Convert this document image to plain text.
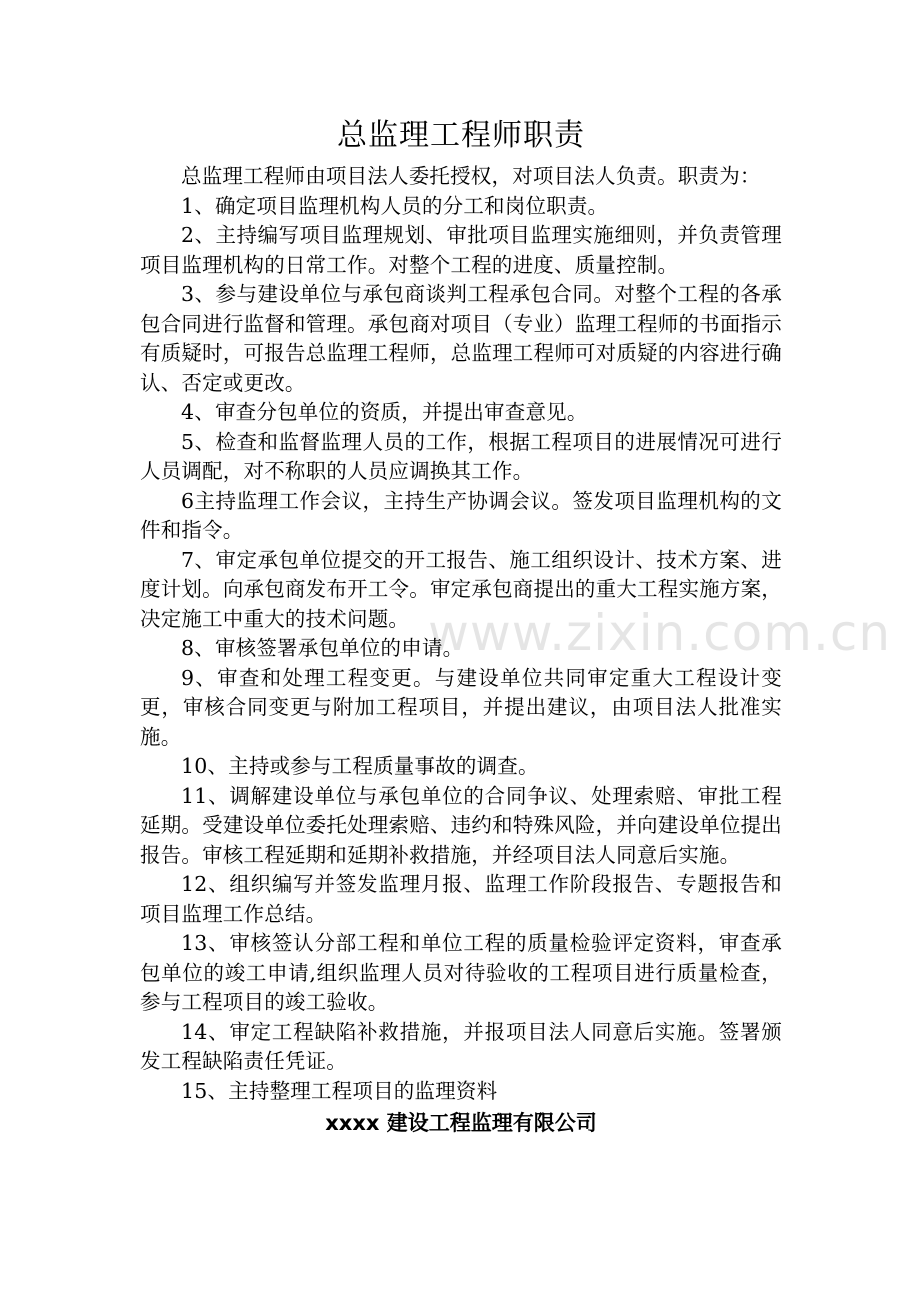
总监理工程师职责

总监理工程师由项目法人委托授权，对项目法人负责。职责为：

1、确定项目监理机构人员的分工和岗位职责。

2、主持编写项目监理规划、审批项目监理实施细则，并负责管理项目监理机构的日常工作。对整个工程的进度、质量控制。

3、参与建设单位与承包商谈判工程承包合同。对整个工程的各承包合同进行监督和管理。承包商对项目（专业）监理工程师的书面指示有质疑时，可报告总监理工程师，总监理工程师可对质疑的内容进行确认、否定或更改。

4、审查分包单位的资质，并提出审查意见。

5、检查和监督监理人员的工作，根据工程项目的进展情况可进行人员调配，对不称职的人员应调换其工作。

6主持监理工作会议，主持生产协调会议。签发项目监理机构的文件和指令。

7、审定承包单位提交的开工报告、施工组织设计、技术方案、进度计划。向承包商发布开工令。审定承包商提出的重大工程实施方案，决定施工中重大的技术问题。

8、审核签署承包单位的申请。

9、审查和处理工程变更。与建设单位共同审定重大工程设计变更，审核合同变更与附加工程项目，并提出建议，由项目法人批准实施。

10、主持或参与工程质量事故的调查。

11、调解建设单位与承包单位的合同争议、处理索赔、审批工程延期。受建设单位委托处理索赔、违约和特殊风险，并向建设单位提出报告。审核工程延期和延期补救措施，并经项目法人同意后实施。

12、组织编写并签发监理月报、监理工作阶段报告、专题报告和项目监理工作总结。

13、审核签认分部工程和单位工程的质量检验评定资料，审查承包单位的竣工申请,组织监理人员对待验收的工程项目进行质量检查，参与工程项目的竣工验收。

14、审定工程缺陷补救措施，并报项目法人同意后实施。签署颁发工程缺陷责任凭证。

15、主持整理工程项目的监理资料

xxxx 建设工程监理有限公司
www.zixin.com.cn
